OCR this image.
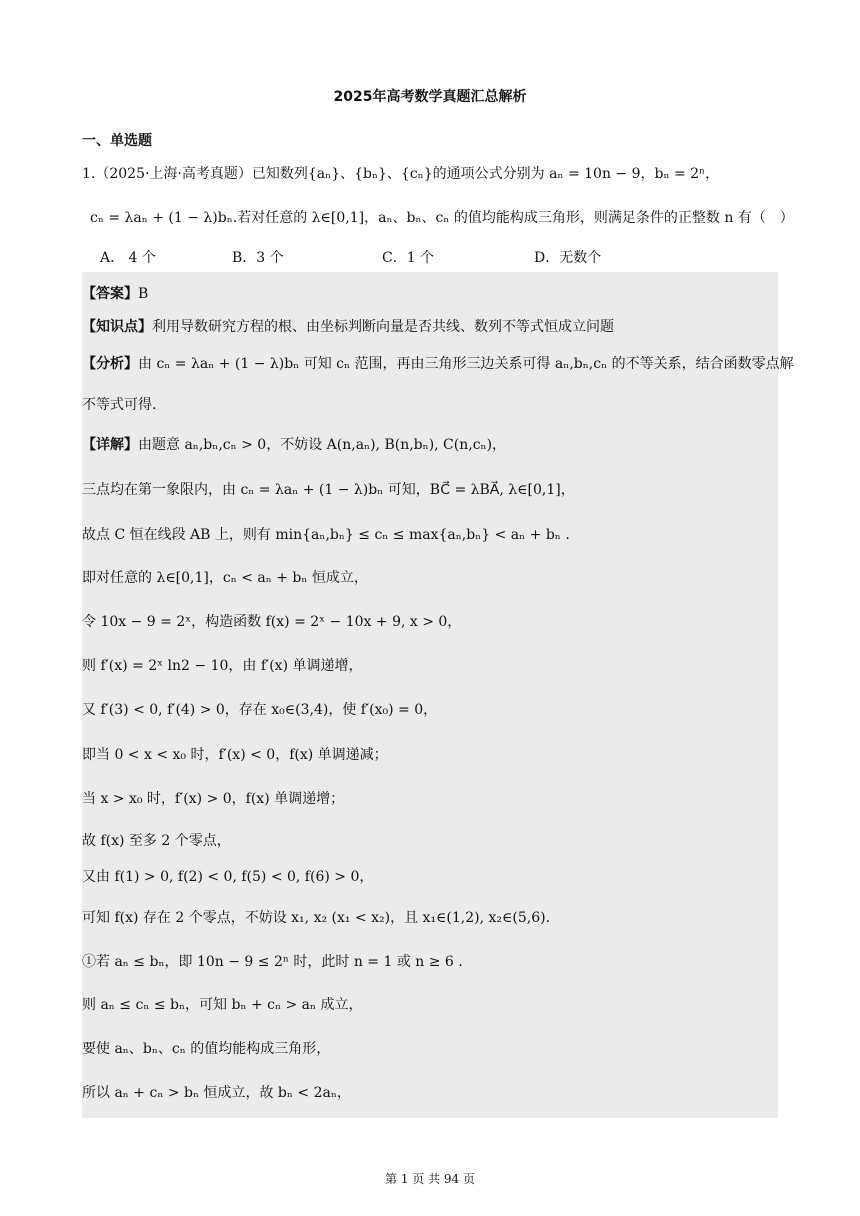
2025年高考数学真题汇总解析
一、单选题
1.（2025·上海·高考真题）已知数列{aₙ}、{bₙ}、{cₙ}的通项公式分别为 aₙ = 10n − 9，bₙ = 2ⁿ，
cₙ = λaₙ + (1 − λ)bₙ.若对任意的 λ∈[0,1]，aₙ、bₙ、cₙ 的值均能构成三角形，则满足条件的正整数 n 有（　）
A． 4 个	B．3 个	C．1 个	D．无数个
【答案】B
【知识点】利用导数研究方程的根、由坐标判断向量是否共线、数列不等式恒成立问题
【分析】由 cₙ = λaₙ + (1 − λ)bₙ 可知 cₙ 范围，再由三角形三边关系可得 aₙ,bₙ,cₙ 的不等关系，结合函数零点解
不等式可得.
【详解】由题意 aₙ,bₙ,cₙ > 0，不妨设 A(n,aₙ), B(n,bₙ), C(n,cₙ)，
三点均在第一象限内，由 cₙ = λaₙ + (1 − λ)bₙ 可知，BC⃗ = λBA⃗, λ∈[0,1]，
故点 C 恒在线段 AB 上，则有 min{aₙ,bₙ} ≤ cₙ ≤ max{aₙ,bₙ} < aₙ + bₙ .
即对任意的 λ∈[0,1]，cₙ < aₙ + bₙ 恒成立，
令 10x − 9 = 2ˣ，构造函数 f(x) = 2ˣ − 10x + 9, x > 0，
则 f′(x) = 2ˣ ln2 − 10，由 f′(x) 单调递增，
又 f′(3) < 0, f′(4) > 0，存在 x₀∈(3,4)，使 f′(x₀) = 0，
即当 0 < x < x₀ 时，f′(x) < 0，f(x) 单调递减；
当 x > x₀ 时，f′(x) > 0，f(x) 单调递增；
故 f(x) 至多 2 个零点，
又由 f(1) > 0, f(2) < 0, f(5) < 0, f(6) > 0，
可知 f(x) 存在 2 个零点，不妨设 x₁, x₂ (x₁ < x₂)，且 x₁∈(1,2), x₂∈(5,6).
①若 aₙ ≤ bₙ，即 10n − 9 ≤ 2ⁿ 时，此时 n = 1 或 n ≥ 6 .
则 aₙ ≤ cₙ ≤ bₙ，可知 bₙ + cₙ > aₙ 成立，
要使 aₙ、bₙ、cₙ 的值均能构成三角形，
所以 aₙ + cₙ > bₙ 恒成立，故 bₙ < 2aₙ，
第 1 页 共 94 页
